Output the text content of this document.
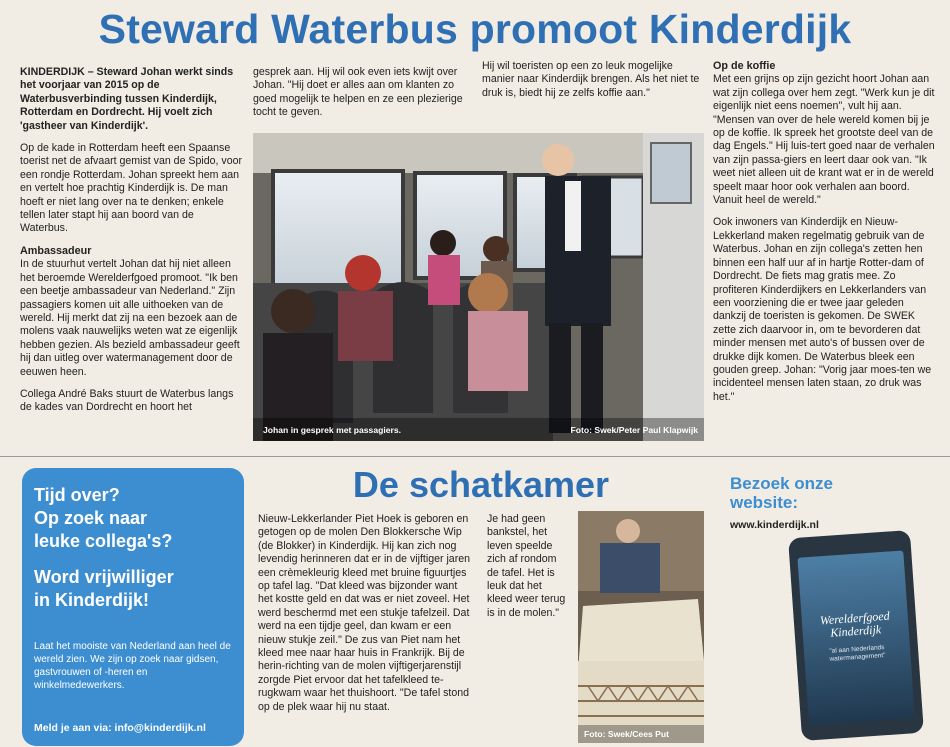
Steward Waterbus promoot Kinderdijk

KINDERDIJK – Steward Johan werkt sinds het voorjaar van 2015 op de Waterbusverbinding tussen Kinderdijk, Rotterdam en Dordrecht. Hij voelt zich 'gastheer van Kinderdijk'.

Op de kade in Rotterdam heeft een Spaanse toerist net de afvaart gemist van de Spido, voor een rondje Rotterdam. Johan spreekt hem aan en vertelt hoe prachtig Kinderdijk is. De man hoeft er niet lang over na te denken; enkele tellen later stapt hij aan boord van de Waterbus.

Ambassadeur

In de stuurhut vertelt Johan dat hij niet alleen het beroemde Werelderfgoed promoot. "Ik ben een beetje ambassadeur van Nederland." Zijn passagiers komen uit alle uithoeken van de wereld. Hij merkt dat zij na een bezoek aan de molens vaak nauwelijks weten wat ze eigenlijk hebben gezien. Als bezield ambassadeur geeft hij dan uitleg over watermanagement door de eeuwen heen.

Collega André Baks stuurt de Waterbus langs de kades van Dordrecht en hoort het

gesprek aan. Hij wil ook even iets kwijt over Johan. "Hij doet er alles aan om klanten zo goed mogelijk te helpen en ze een plezierige tocht te geven.

Hij wil toeristen op een zo leuk mogelijke manier naar Kinderdijk brengen. Als het niet te druk is, biedt hij ze zelfs koffie aan."

Op de koffie

Met een grijns op zijn gezicht hoort Johan aan wat zijn collega over hem zegt. "Werk kun je dit eigenlijk niet eens noemen", vult hij aan. "Mensen van over de hele wereld komen bij je op de koffie. Ik spreek het grootste deel van de dag Engels." Hij luis-tert goed naar de verhalen van zijn passa-giers en leert daar ook van. "Ik weet niet alleen uit de krant wat er in de wereld speelt maar hoor ook verhalen aan boord. Vanuit heel de wereld."

Ook inwoners van Kinderdijk en Nieuw-Lekkerland maken regelmatig gebruik van de Waterbus. Johan en zijn collega's zetten hen binnen een half uur af in hartje Rotter-dam of Dordrecht. De fiets mag gratis mee. Zo profiteren Kinderdijkers en Lekkerlanders van een voorziening die er twee jaar geleden dankzij de toeristen is gekomen. De SWEK zette zich daarvoor in, om te bevorderen dat minder mensen met auto's of bussen over de drukke dijk komen. De Waterbus bleek een gouden greep. Johan: "Vorig jaar moes-ten we incidenteel mensen laten staan, zo druk was het."

Johan in gesprek met passagiers.	Foto: Swek/Peter Paul Klapwijk
Tijd over?
Op zoek naar
leuke collega's?
Word vrijwilliger
in Kinderdijk!
Laat het mooiste van Nederland aan heel de wereld zien. We zijn op zoek naar gidsen, gastvrouwen of -heren en winkelmedewerkers.
Meld je aan via: info@kinderdijk.nl
De schatkamer

Nieuw-Lekkerlander Piet Hoek is geboren en getogen op de molen Den Blokkersche Wip (de Blokker) in Kinderdijk. Hij kan zich nog levendig herinneren dat er in de vijftiger jaren een crèmekleurig kleed met bruine figuurtjes op tafel lag. "Dat kleed was bijzonder want het kostte geld en dat was er niet zoveel. Het werd beschermd met een stukje tafelzeil. Dat werd na een tijdje geel, dan kwam er een nieuw stukje zeil." De zus van Piet nam het kleed mee naar haar huis in Frankrijk. Bij de herin-richting van de molen vijftigerjarenstijl zorgde Piet ervoor dat het tafelkleed te-rugkwam waar het thuishoort. "De tafel stond op de plek waar hij nu staat.

Je had geen bankstel, het leven speelde zich af rondom de tafel. Het is leuk dat het kleed weer terug is in de molen."

Foto: Swek/Cees Put
Bezoek onze
website:
www.kinderdijk.nl
Werelderfgoed
Kinderdijk
"al aan Nederlands watermanagement"
